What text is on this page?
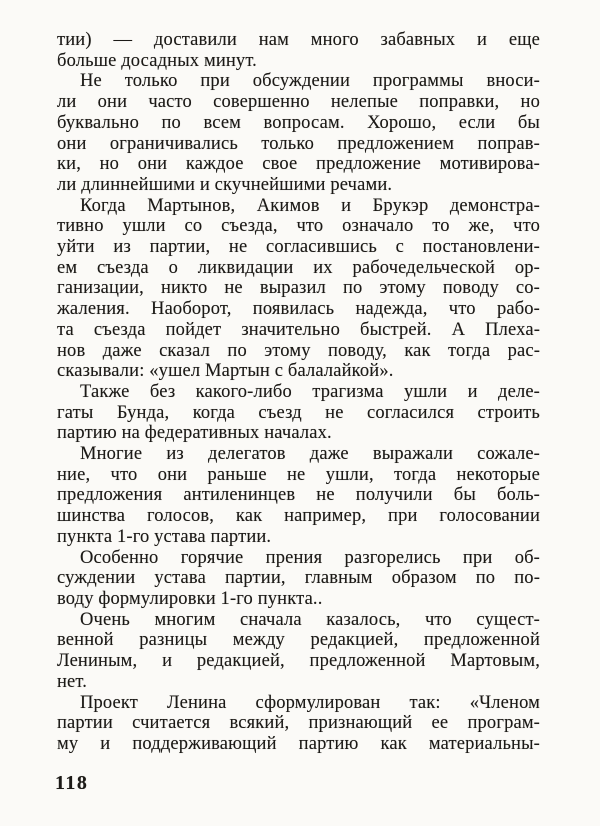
тии) — доставили нам много забавных и еще
больше досадных минут.
Не только при обсуждении программы вноси-
ли они часто совершенно нелепые поправки, но
буквально по всем вопросам. Хорошо, если бы
они ограничивались только предложением поправ-
ки, но они каждое свое предложение мотивирова-
ли длиннейшими и скучнейшими речами.
Когда Мартынов, Акимов и Брукэр демонстра-
тивно ушли со съезда, что означало то же, что
уйти из партии, не согласившись с постановлени-
ем съезда о ликвидации их рабочедельческой ор-
ганизации, никто не выразил по этому поводу со-
жаления. Наоборот, появилась надежда, что рабо-
та съезда пойдет значительно быстрей. А Плеха-
нов даже сказал по этому поводу, как тогда рас-
сказывали: «ушел Мартын с балалайкой».
Также без какого-либо трагизма ушли и деле-
гаты Бунда, когда съезд не согласился строить
партию на федеративных началах.
Многие из делегатов даже выражали сожале-
ние, что они раньше не ушли, тогда некоторые
предложения антиленинцев не получили бы боль-
шинства голосов, как например, при голосовании
пункта 1-го устава партии.
Особенно горячие прения разгорелись при об-
суждении устава партии, главным образом по по-
воду формулировки 1-го пункта..
Очень многим сначала казалось, что сущест-
венной разницы между редакцией, предложенной
Лениным, и редакцией, предложенной Мартовым,
нет.
Проект Ленина сформулирован так: «Членом
партии считается всякий, признающий ее програм-
му и поддерживающий партию как материальны-
118
